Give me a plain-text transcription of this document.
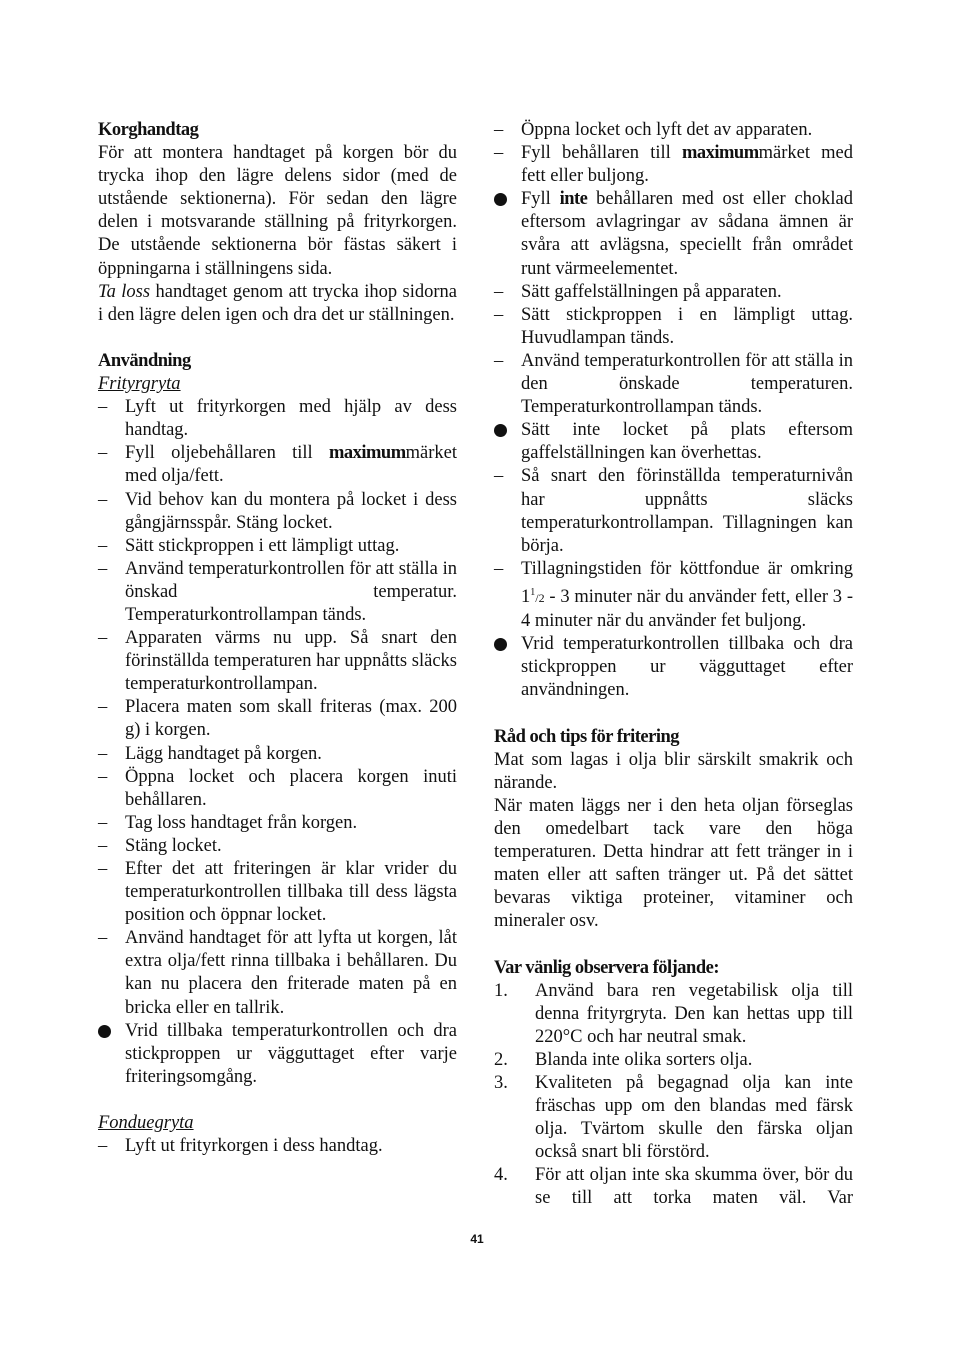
Korghandtag

För att montera handtaget på korgen bör du trycka ihop den lägre delens sidor (med de utstående sektionerna). För sedan den lägre delen i motsvarande ställning på frityrkorgen. De utstående sektionerna bör fästas säkert i öppningarna i ställningens sida.

Ta loss handtaget genom att trycka ihop sidorna i den lägre delen igen och dra det ur ställningen.

Användning
Frityrgryta
– Lyft ut frityrkorgen med hjälp av dess handtag.
– Fyll oljebehållaren till maximummärket med olja/fett.
– Vid behov kan du montera på locket i dess gångjärnsspår. Stäng locket.
– Sätt stickproppen i ett lämpligt uttag.
– Använd temperaturkontrollen för att ställa in önskad temperatur. Temperaturkontrollampan tänds.
– Apparaten värms nu upp. Så snart den förinställda temperaturen har uppnåtts släcks temperaturkontrollampan.
– Placera maten som skall friteras (max. 200 g) i korgen.
– Lägg handtaget på korgen.
– Öppna locket och placera korgen inuti behållaren.
– Tag loss handtaget från korgen.
– Stäng locket.
– Efter det att friteringen är klar vrider du temperaturkontrollen tillbaka till dess lägsta position och öppnar locket.
– Använd handtaget för att lyfta ut korgen, låt extra olja/fett rinna tillbaka i behållaren. Du kan nu placera den friterade maten på en bricka eller en tallrik.
Vrid tillbaka temperaturkontrollen och dra stickproppen ur vägguttaget efter varje friteringsomgång.
Fonduegryta
– Lyft ut frityrkorgen i dess handtag.
– Öppna locket och lyft det av apparaten.
– Fyll behållaren till maximummärket med fett eller buljong.
Fyll inte behållaren med ost eller choklad eftersom avlagringar av sådana ämnen är svåra att avlägsna, speciellt från området runt värmeelementet.
– Sätt gaffelställningen på apparaten.
– Sätt stickproppen i en lämpligt uttag. Huvudlampan tänds.
– Använd temperaturkontrollen för att ställa in den önskade temperaturen. Temperaturkontrollampan tänds.
Sätt inte locket på plats eftersom gaffelställningen kan överhettas.
– Så snart den förinställda temperaturnivån har uppnåtts släcks temperaturkontrollampan. Tillagningen kan börja.
– Tillagningstiden för köttfondue är omkring $1^1/2 - 3$ minuter när du använder fett, eller 3 - 4 minuter när du använder fet buljong.
Vrid temperaturkontrollen tillbaka och dra stickproppen ur vägguttaget efter användningen.
Råd och tips för fritering

Mat som lagas i olja blir särskilt smakrik och närande.

När maten läggs ner i den heta oljan förseglas den omedelbart tack vare den höga temperaturen. Detta hindrar att fett tränger in i maten eller att saften tränger ut. På det sättet bevaras viktiga proteiner, vitaminer och mineraler osv.

Var vänlig observera följande:
1.	Använd bara ren vegetabilisk olja till denna frityrgryta. Den kan hettas upp till 220°C och har neutral smak.
2.	Blanda inte olika sorters olja.
3.	Kvaliteten på begagnad olja kan inte fräschas upp om den blandas med färsk olja. Tvärtom skulle den färska oljan också snart bli förstörd.
4.	För att oljan inte ska skumma över, bör du se till att torka maten väl. Var
41
